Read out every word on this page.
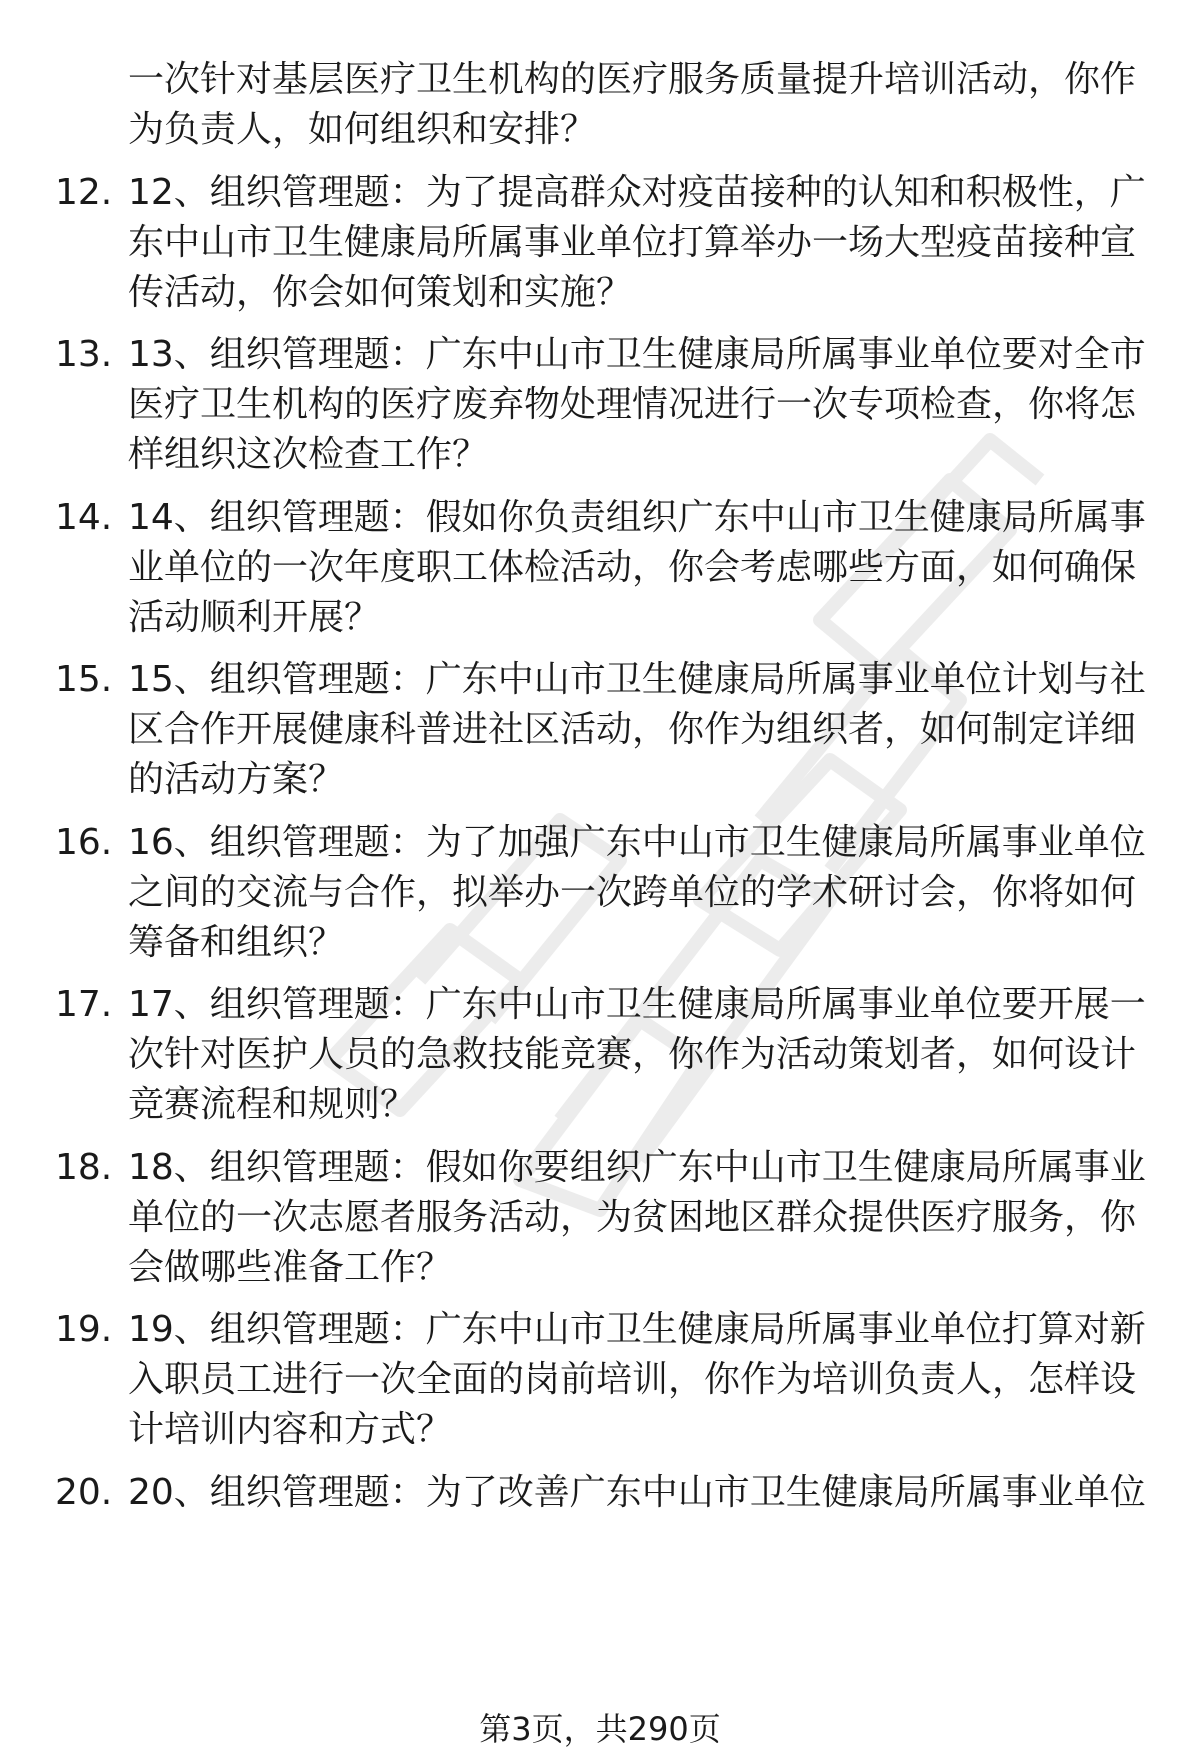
一次针对基层医疗卫生机构的医疗服务质量提升培训活动，你作为负责人，如何组织和安排？
12. 12、组织管理题：为了提高群众对疫苗接种的认知和积极性，广东中山市卫生健康局所属事业单位打算举办一场大型疫苗接种宣传活动，你会如何策划和实施？
13. 13、组织管理题：广东中山市卫生健康局所属事业单位要对全市医疗卫生机构的医疗废弃物处理情况进行一次专项检查，你将怎样组织这次检查工作？
14. 14、组织管理题：假如你负责组织广东中山市卫生健康局所属事业单位的一次年度职工体检活动，你会考虑哪些方面，如何确保活动顺利开展？
15. 15、组织管理题：广东中山市卫生健康局所属事业单位计划与社区合作开展健康科普进社区活动，你作为组织者，如何制定详细的活动方案？
16. 16、组织管理题：为了加强广东中山市卫生健康局所属事业单位之间的交流与合作，拟举办一次跨单位的学术研讨会，你将如何筹备和组织？
17. 17、组织管理题：广东中山市卫生健康局所属事业单位要开展一次针对医护人员的急救技能竞赛，你作为活动策划者，如何设计竞赛流程和规则？
18. 18、组织管理题：假如你要组织广东中山市卫生健康局所属事业单位的一次志愿者服务活动，为贫困地区群众提供医疗服务，你会做哪些准备工作？
19. 19、组织管理题：广东中山市卫生健康局所属事业单位打算对新入职员工进行一次全面的岗前培训，你作为培训负责人，怎样设计培训内容和方式？
20. 20、组织管理题：为了改善广东中山市卫生健康局所属事业单位
第3页，共290页
